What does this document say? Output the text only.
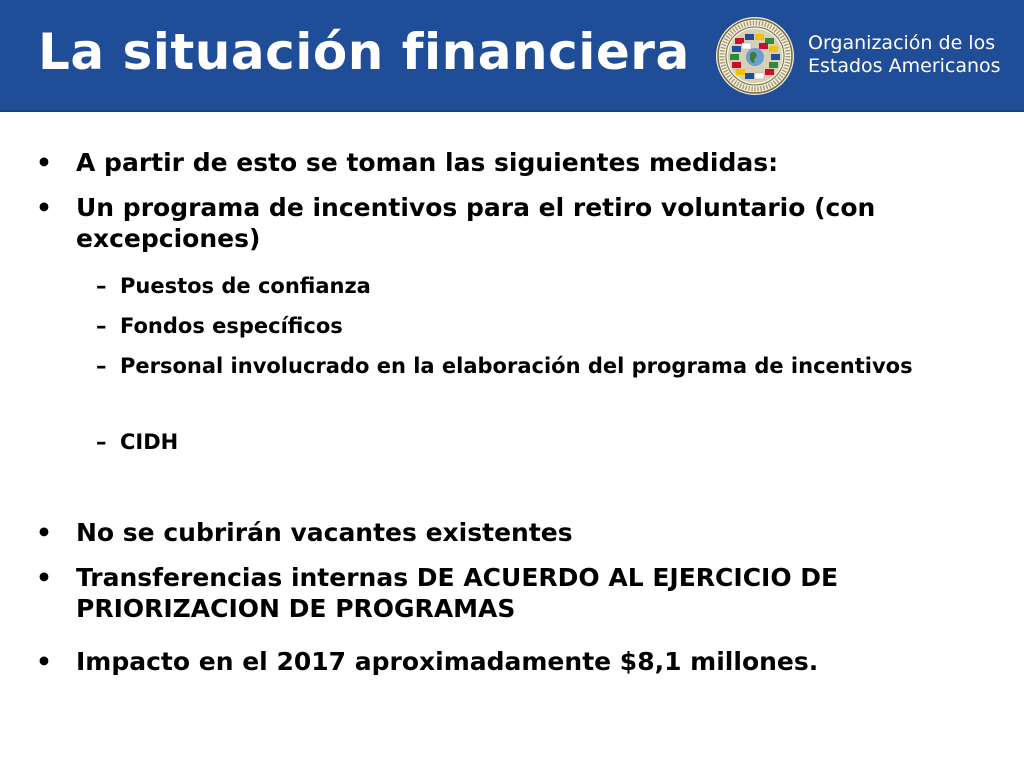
La situación financiera	Organización de los
Estados Americanos
• A partir de esto se toman las siguientes medidas:
• Un programa de incentivos para el retiro voluntario (con excepciones)
– Puestos de confianza
– Fondos específicos
– Personal involucrado en la elaboración del programa de incentivos
– CIDH
• No se cubrirán vacantes existentes
• Transferencias internas DE ACUERDO AL EJERCICIO DE PRIORIZACION DE PROGRAMAS
• Impacto en el 2017 aproximadamente $8,1 millones.
